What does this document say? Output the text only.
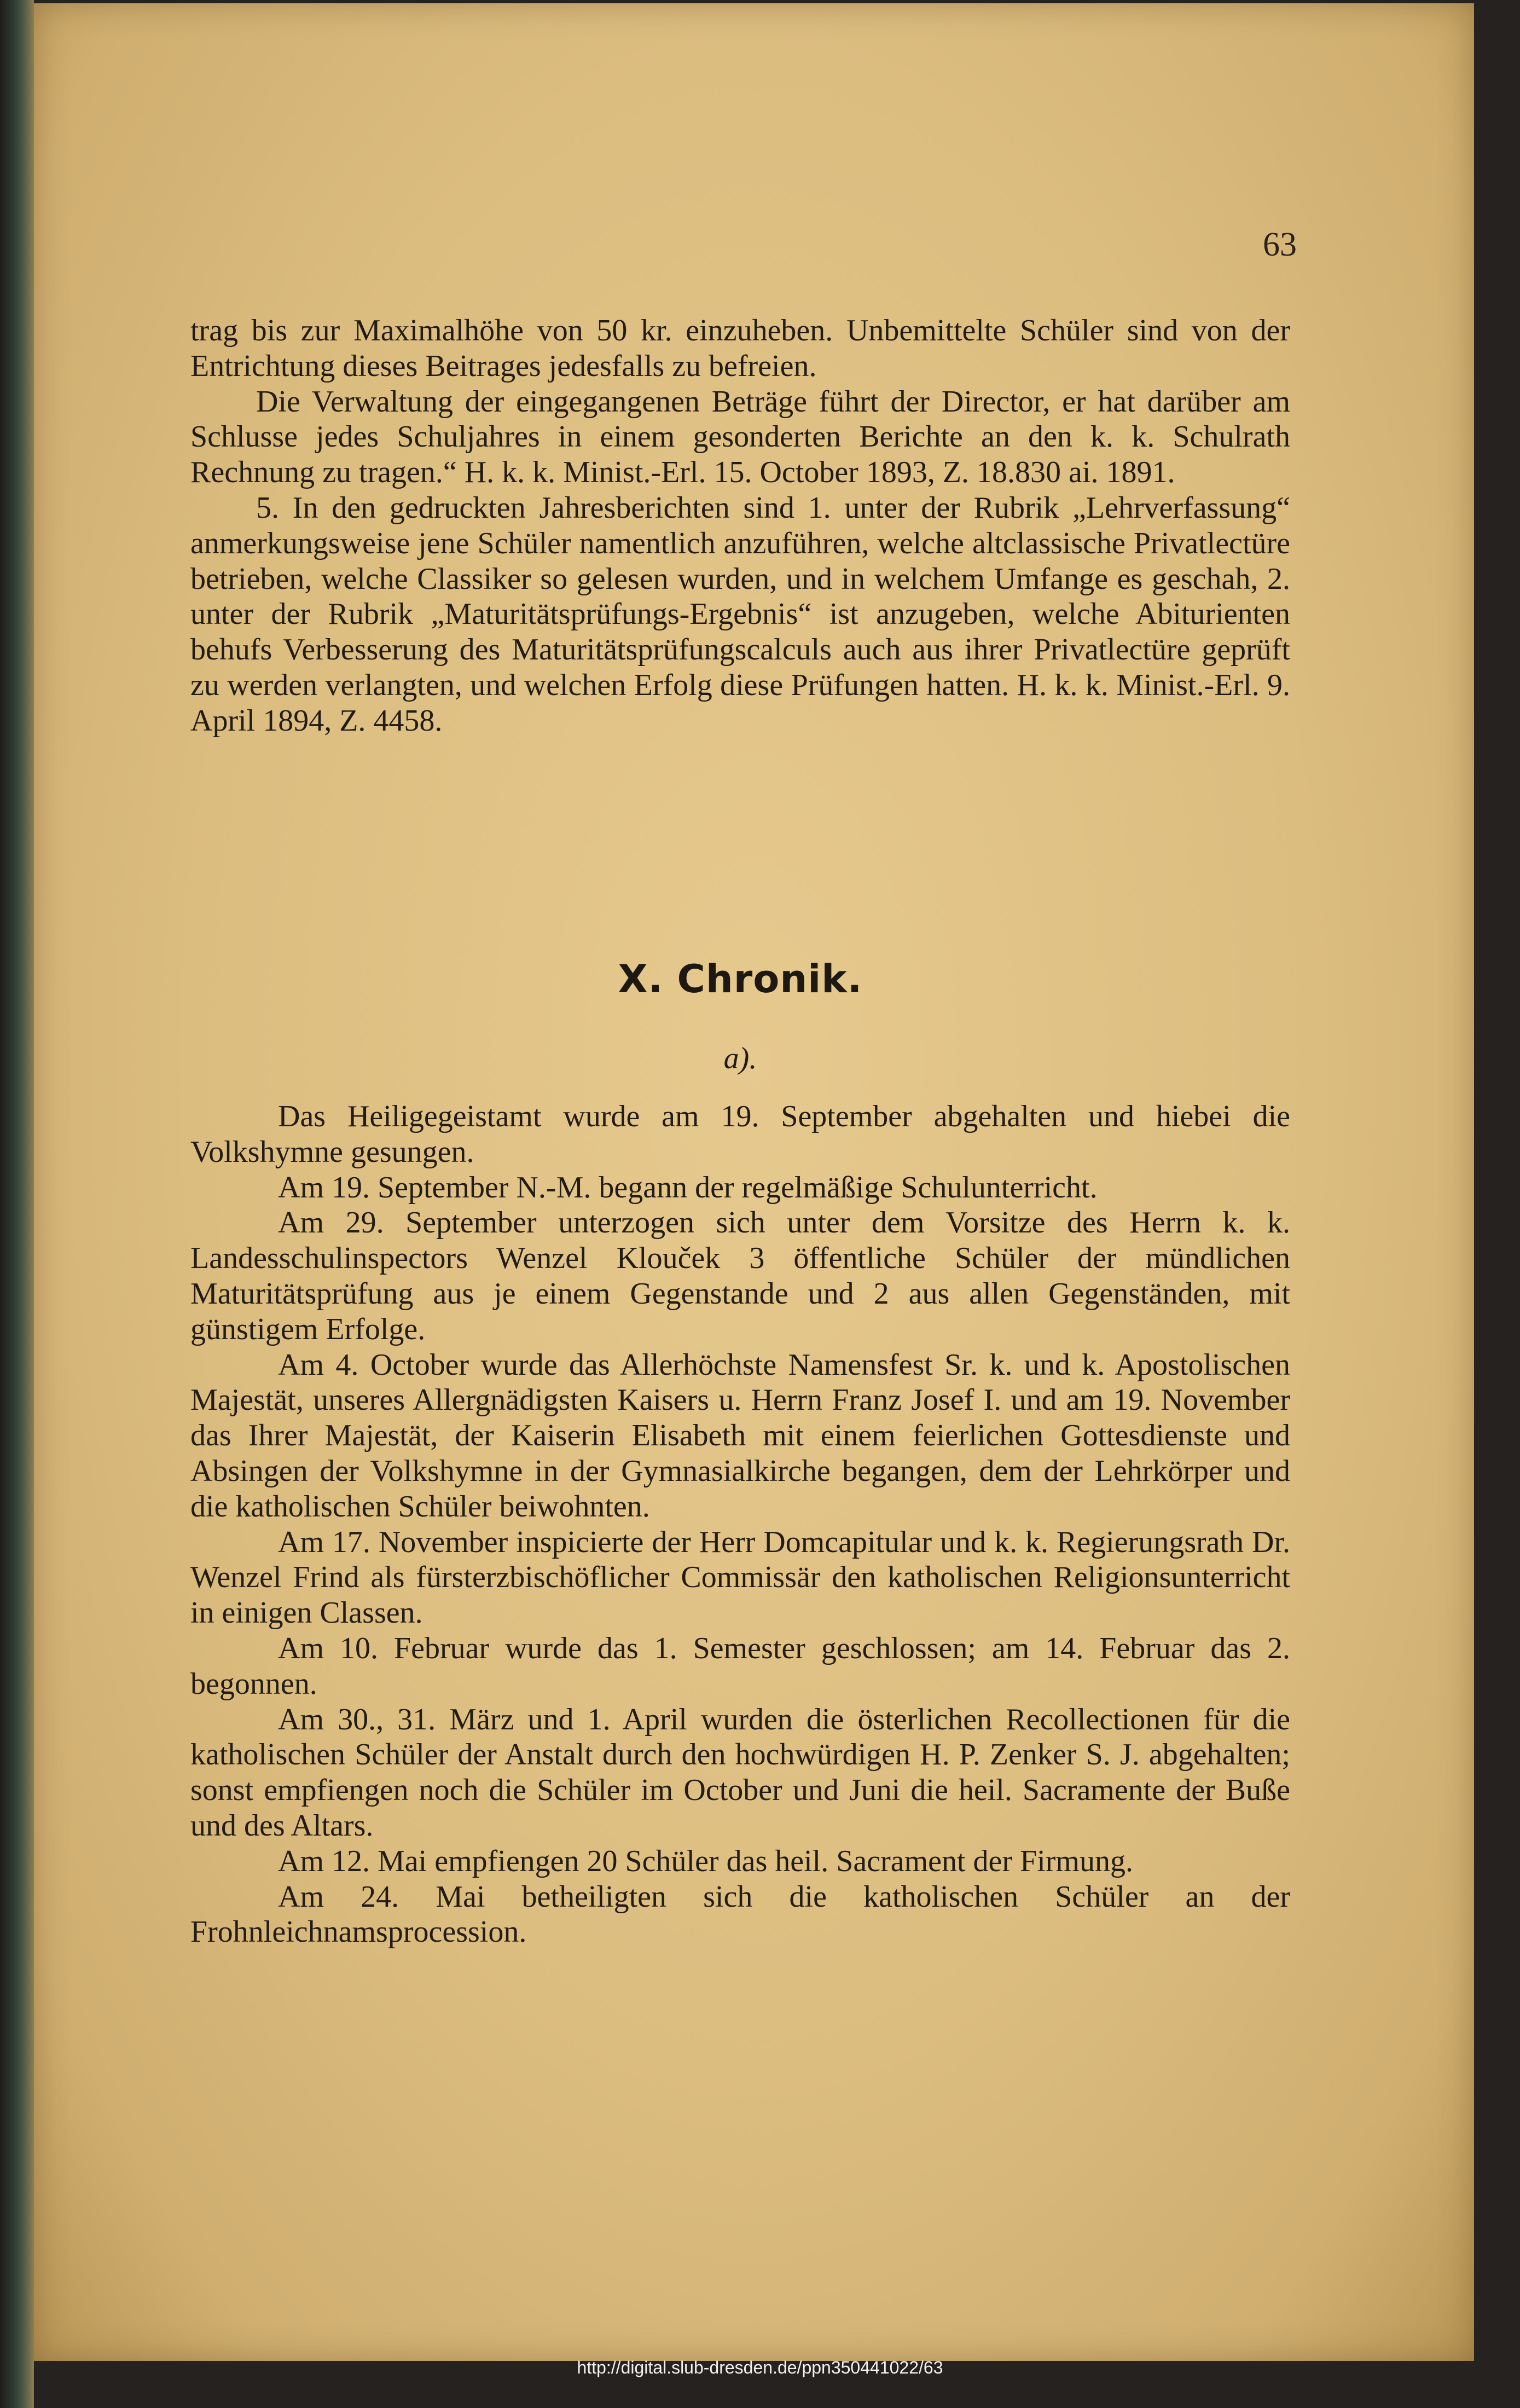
63

trag bis zur Maximalhöhe von 50 kr. einzuheben. Unbemittelte Schüler sind von der Entrichtung dieses Beitrages jedesfalls zu befreien.

Die Verwaltung der eingegangenen Beträge führt der Director, er hat darüber am Schlusse jedes Schuljahres in einem gesonderten Berichte an den k. k. Schulrath Rechnung zu tragen.“ H. k. k. Minist.-Erl. 15. October 1893, Z. 18.830 ai. 1891.

5. In den gedruckten Jahresberichten sind 1. unter der Rubrik „Lehrverfassung“ anmerkungsweise jene Schüler namentlich anzuführen, welche altclassische Privatlectüre betrieben, welche Classiker so gelesen wurden, und in welchem Umfange es geschah, 2. unter der Rubrik „Maturitätsprüfungs-Ergebnis“ ist anzugeben, welche Abiturienten behufs Verbesserung des Maturitätsprüfungscalculs auch aus ihrer Privatlectüre geprüft zu werden verlangten, und welchen Erfolg diese Prüfungen hatten. H. k. k. Minist.-Erl. 9. April 1894, Z. 4458.

X. Chronik.
a).

Das Heiligegeistamt wurde am 19. September abgehalten und hiebei die Volkshymne gesungen.

Am 19. September N.-M. begann der regelmäßige Schulunterricht.

Am 29. September unterzogen sich unter dem Vorsitze des Herrn k. k. Landesschulinspectors Wenzel Klouček 3 öffentliche Schüler der mündlichen Maturitätsprüfung aus je einem Gegenstande und 2 aus allen Gegenständen, mit günstigem Erfolge.

Am 4. October wurde das Allerhöchste Namensfest Sr. k. und k. Apostolischen Majestät, unseres Allergnädigsten Kaisers u. Herrn Franz Josef I. und am 19. November das Ihrer Majestät, der Kaiserin Elisabeth mit einem feierlichen Gottesdienste und Absingen der Volkshymne in der Gymnasialkirche begangen, dem der Lehrkörper und die katholischen Schüler beiwohnten.

Am 17. November inspicierte der Herr Domcapitular und k. k. Regierungsrath Dr. Wenzel Frind als fürsterzbischöflicher Commissär den katholischen Religionsunterricht in einigen Classen.

Am 10. Februar wurde das 1. Semester geschlossen; am 14. Februar das 2. begonnen.

Am 30., 31. März und 1. April wurden die österlichen Recollectionen für die katholischen Schüler der Anstalt durch den hochwürdigen H. P. Zenker S. J. abgehalten; sonst empfiengen noch die Schüler im October und Juni die heil. Sacramente der Buße und des Altars.

Am 12. Mai empfiengen 20 Schüler das heil. Sacrament der Firmung.

Am 24. Mai betheiligten sich die katholischen Schüler an der Frohnleichnamsprocession.

http://digital.slub-dresden.de/ppn350441022/63
